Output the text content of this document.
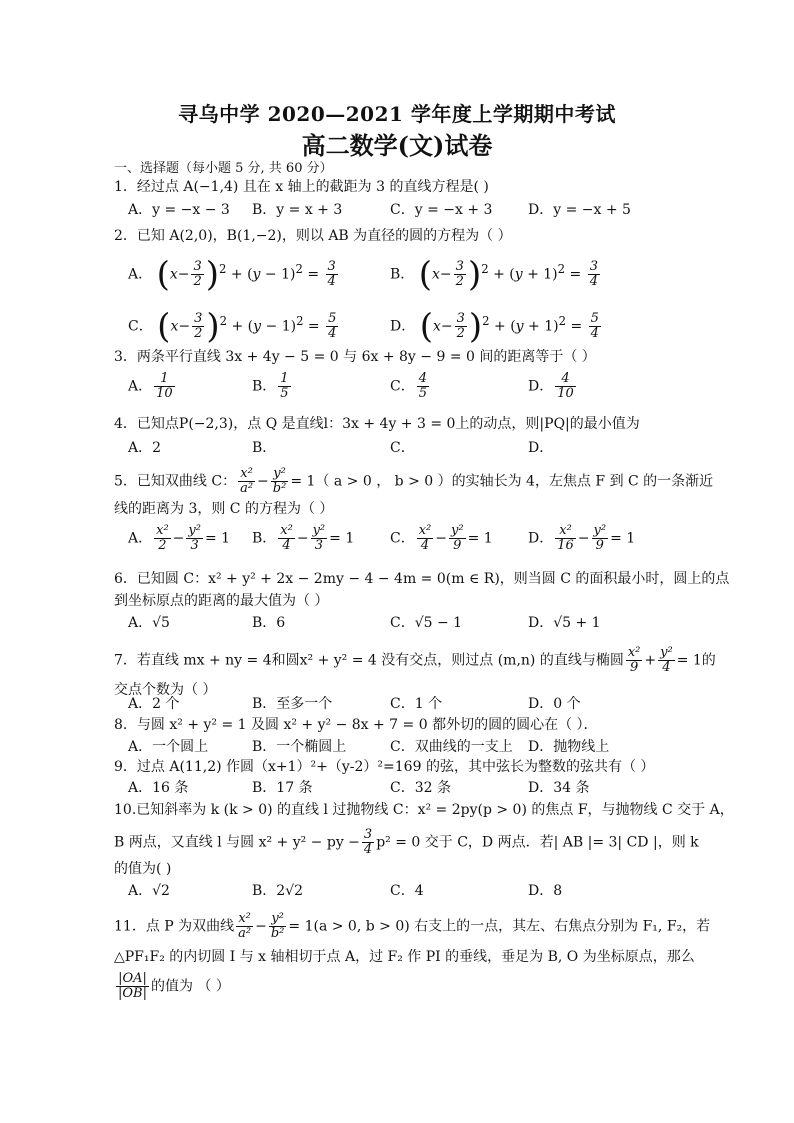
寻乌中学 2020—2021 学年度上学期期中考试
高二数学(文)试卷
一、选择题（每小题 5 分, 共 60 分）
1．经过点 A(−1,4) 且在 x 轴上的截距为 3 的直线方程是( )
A．y = −x − 3 B．y = x + 3	C．y = −x + 3	D．y = −x + 5
2．已知 A(2,0)，B(1,−2)，则以 AB 为直径的圆的方程为（ ）
A． $(x- \frac{3}{2} )^2 + (y - 1)^2 = \frac{3}{4}$	B． $(x- \frac{3}{2} )^2 + (y + 1)^2 = \frac{3}{4}$
C． $(x- \frac{3}{2} )^2 + (y - 1)^2 = \frac{5}{4}$	D． $(x- \frac{3}{2} )^2 + (y + 1)^2 = \frac{5}{4}$
3．两条平行直线 3x + 4y − 5 = 0 与 6x + 8y − 9 = 0 间的距离等于（ ）
A． $\frac{1}{10}$	B． $\frac{1}{5}$	C． $\frac{4}{5}$	D． $\frac{4}{10}$
4．已知点P(−2,3)，点 Q 是直线l：3x + 4y + 3 = 0上的动点，则|PQ|的最小值为
A．2	B．	C．	D．
5．已知双曲线 C： $\frac{\text{x²}}{\text{a²}} - \frac{\text{y²}}{\text{b²}} = 1$（ a > 0 ， b > 0 ）的实轴长为 4，左焦点 F 到 C 的一条渐近
线的距离为 3，则 C 的方程为（ ）
A． $\frac{\text{x²}}{2} - \frac{\text{y²}}{3} = 1$ B． $\frac{\text{x²}}{4} - \frac{\text{y²}}{3} = 1$	C． $\frac{\text{x²}}{4} - \frac{\text{y²}}{9} = 1$	D． $\frac{\text{x²}}{16} - \frac{\text{y²}}{9} = 1$
6．已知圆 C：x² + y² + 2x − 2my − 4 − 4m = 0(m ∈ R)，则当圆 C 的面积最小时，圆上的点
到坐标原点的距离的最大值为（ ）
A．√5	B．6	C．√5 − 1	D．√5 + 1
7．若直线 mx + ny = 4和圆x² + y² = 4 没有交点，则过点 (m,n) 的直线与椭圆 $\frac{\text{x²}}{9} + \frac{\text{y²}}{4} = 1$的
交点个数为（ ）
A．2 个	B．至多一个	C．1 个	D．0 个
8．与圆 x² + y² = 1 及圆 x² + y² − 8x + 7 = 0 都外切的圆的圆心在（ ）．
A．一个圆上	B．一个椭圆上	C．双曲线的一支上 D．抛物线上
9．过点 A(11,2) 作圆（x+1）²+（y-2）²=169 的弦，其中弦长为整数的弦共有（ ）
A．16 条	B．17 条	C．32 条	D．34 条
10.已知斜率为 k (k > 0) 的直线 l 过抛物线 C：x² = 2py(p > 0) 的焦点 F，与抛物线 C 交于 A，
B 两点，又直线 l 与圆 x² + y² − py − $\frac{3}{4} p^2 = 0$ 交于 C，D 两点．若| AB |= 3| CD |，则 k
的值为( )
A．√2	B．2√2	C．4	D．8
11．点 P 为双曲线 $\frac{\text{x²}}{\text{a²}} - \frac{\text{y²}}{\text{b²}} = 1(a > 0$, b > 0) 右支上的一点，其左、右焦点分别为 F₁, F₂，若
△PF₁F₂ 的内切圆 I 与 x 轴相切于点 A，过 F₂ 作 PI 的垂线，垂足为 B, O 为坐标原点，那么
$\frac{|OA|}{|OB|}$ 的值为 （ ）
